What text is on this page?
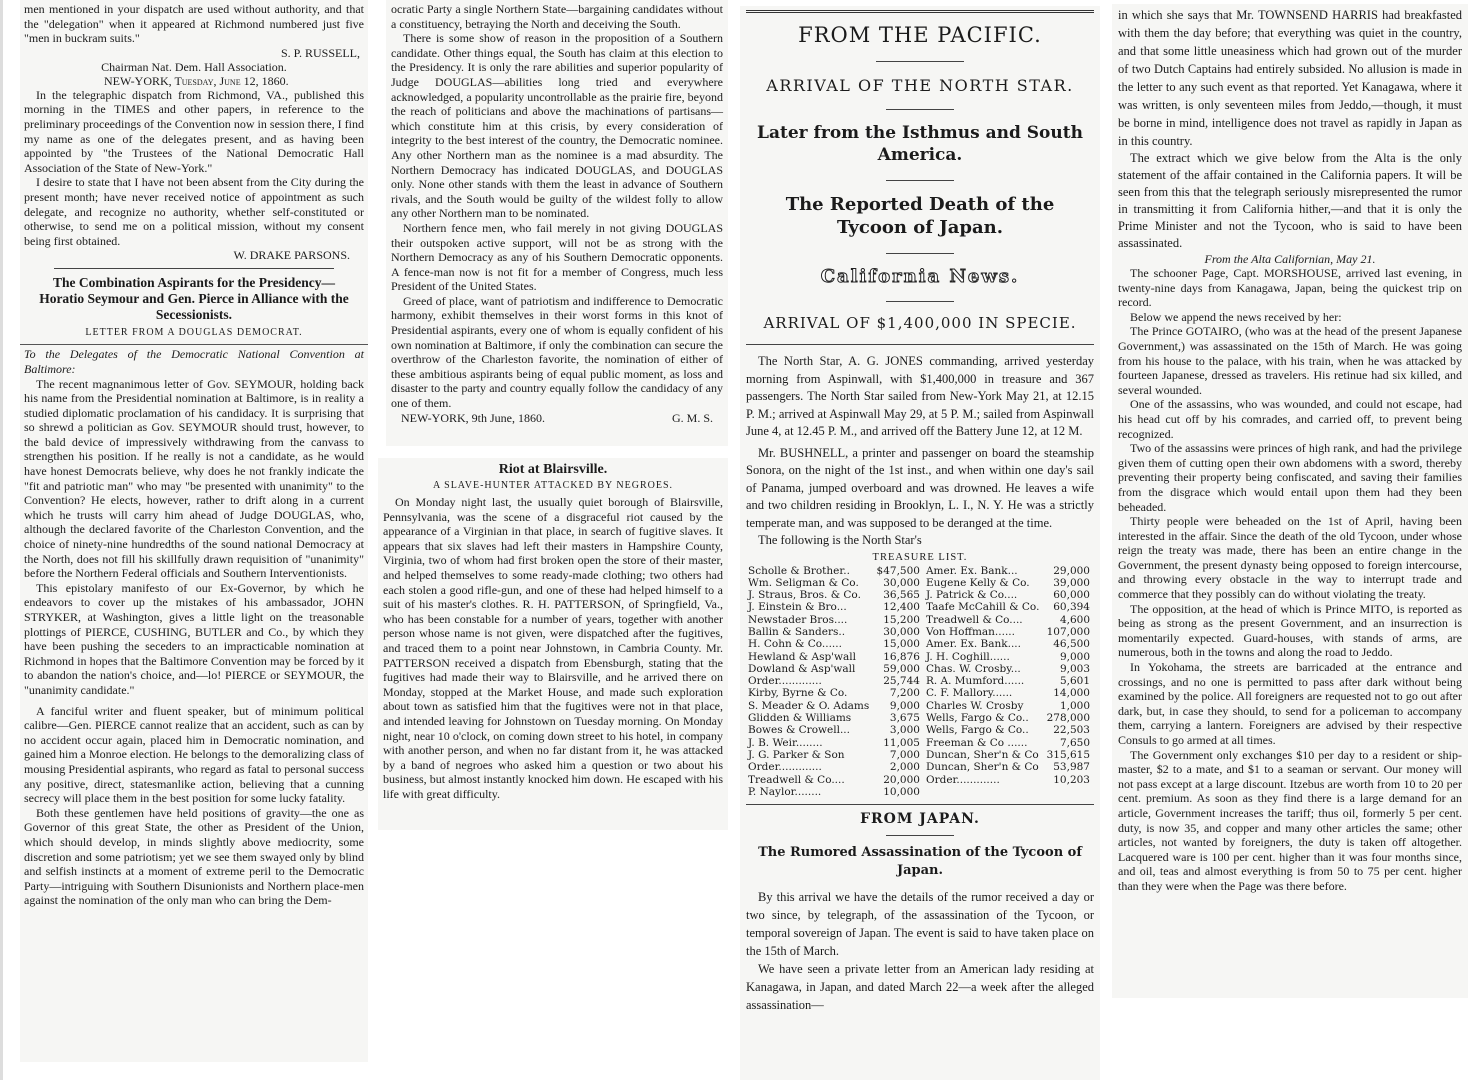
men mentioned in your dispatch are used without authority, and that the "delegation" when it appeared at Richmond numbered just five "men in buckram suits."

S. P. RUSSELL,
Chairman Nat. Dem. Hall Association.
NEW-YORK, Tuesday, June 12, 1860.

In the telegraphic dispatch from Richmond, VA., published this morning in the TIMES and other papers, in reference to the preliminary proceedings of the Convention now in session there, I find my name as one of the delegates present, and as having been appointed by "the Trustees of the National Democratic Hall Association of the State of New-York."

I desire to state that I have not been absent from the City during the present month; have never received notice of appointment as such delegate, and recognize no authority, whether self-constituted or otherwise, to send me on a political mission, without my consent being first obtained.

W. DRAKE PARSONS.
The Combination Aspirants for the Presidency—Horatio Seymour and Gen. Pierce in Alliance with the Secessionists.
LETTER FROM A DOUGLAS DEMOCRAT.

To the Delegates of the Democratic National Convention at Baltimore:

The recent magnanimous letter of Gov. SEYMOUR, holding back his name from the Presidential nomination at Baltimore, is in reality a studied diplomatic proclamation of his candidacy. It is surprising that so shrewd a politician as Gov. SEYMOUR should trust, however, to the bald device of impressively withdrawing from the canvass to strengthen his position. If he really is not a candidate, as he would have honest Democrats believe, why does he not frankly indicate the "fit and patriotic man" who may "be presented with unanimity" to the Convention? He elects, however, rather to drift along in a current which he trusts will carry him ahead of Judge DOUGLAS, who, although the declared favorite of the Charleston Convention, and the choice of ninety-nine hundredths of the sound national Democracy at the North, does not fill his skillfully drawn requisition of "unanimity" before the Northern Federal officials and Southern Interventionists.

This epistolary manifesto of our Ex-Governor, by which he endeavors to cover up the mistakes of his ambassador, JOHN STRYKER, at Washington, gives a little light on the treasonable plottings of PIERCE, CUSHING, BUTLER and Co., by which they have been pushing the seceders to an impracticable nomination at Richmond in hopes that the Baltimore Convention may be forced by it to abandon the nation's choice, and—lo! PIERCE or SEYMOUR, the "unanimity candidate."

A fanciful writer and fluent speaker, but of minimum political calibre—Gen. PIERCE cannot realize that an accident, such as can by no accident occur again, placed him in Democratic nomination, and gained him a Monroe election. He belongs to the demoralizing class of mousing Presidential aspirants, who regard as fatal to personal success any positive, direct, statesmanlike action, believing that a cunning secrecy will place them in the best position for some lucky fatality.

Both these gentlemen have held positions of gravity—the one as Governor of this great State, the other as President of the Union, which should develop, in minds slightly above mediocrity, some discretion and some patriotism; yet we see them swayed only by blind and selfish instincts at a moment of extreme peril to the Democratic Party—intriguing with Southern Disunionists and Northern place-men against the nomination of the only man who can bring the Dem-

ocratic Party a single Northern State—bargaining candidates without a constituency, betraying the North and deceiving the South.

There is some show of reason in the proposition of a Southern candidate. Other things equal, the South has claim at this election to the Presidency. It is only the rare abilities and superior popularity of Judge DOUGLAS—abilities long tried and everywhere acknowledged, a popularity uncontrollable as the prairie fire, beyond the reach of politicians and above the machinations of partisans—which constitute him at this crisis, by every consideration of integrity to the best interest of the country, the Democratic nominee. Any other Northern man as the nominee is a mad absurdity. The Northern Democracy has indicated DOUGLAS, and DOUGLAS only. None other stands with them the least in advance of Southern rivals, and the South would be guilty of the wildest folly to allow any other Northern man to be nominated.

Northern fence men, who fail merely in not giving DOUGLAS their outspoken active support, will not be as strong with the Northern Democracy as any of his Southern Democratic opponents. A fence-man now is not fit for a member of Congress, much less President of the United States.

Greed of place, want of patriotism and indifference to Democratic harmony, exhibit themselves in their worst forms in this knot of Presidential aspirants, every one of whom is equally confident of his own nomination at Baltimore, if only the combination can secure the overthrow of the Charleston favorite, the nomination of either of these ambitious aspirants being of equal public moment, as loss and disaster to the party and country equally follow the candidacy of any one of them.

NEW-YORK, 9th June, 1860.	G. M. S.
Riot at Blairsville.
A SLAVE-HUNTER ATTACKED BY NEGROES.

On Monday night last, the usually quiet borough of Blairsville, Pennsylvania, was the scene of a disgraceful riot caused by the appearance of a Virginian in that place, in search of fugitive slaves. It appears that six slaves had left their masters in Hampshire County, Virginia, two of whom had first broken open the store of their master, and helped themselves to some ready-made clothing; two others had each stolen a good rifle-gun, and one of these had helped himself to a suit of his master's clothes. R. H. PATTERSON, of Springfield, Va., who has been constable for a number of years, together with another person whose name is not given, were dispatched after the fugitives, and traced them to a point near Johnstown, in Cambria County. Mr. PATTERSON received a dispatch from Ebensburgh, stating that the fugitives had made their way to Blairsville, and he arrived there on Monday, stopped at the Market House, and made such exploration about town as satisfied him that the fugitives were not in that place, and intended leaving for Johnstown on Tuesday morning. On Monday night, near 10 o'clock, on coming down street to his hotel, in company with another person, and when no far distant from it, he was attacked by a band of negroes who asked him a question or two about his business, but almost instantly knocked him down. He escaped with his life with great difficulty.

FROM THE PACIFIC.
ARRIVAL OF THE NORTH STAR.
Later from the Isthmus and South America.
The Reported Death of the Tycoon of Japan.
California News.
ARRIVAL OF $1,400,000 IN SPECIE.

The North Star, A. G. JONES commanding, arrived yesterday morning from Aspinwall, with $1,400,000 in treasure and 367 passengers. The North Star sailed from New-York May 21, at 12.15 P. M.; arrived at Aspinwall May 29, at 5 P. M.; sailed from Aspinwall June 4, at 12.45 P. M., and arrived off the Battery June 12, at 12 M.

Mr. BUSHNELL, a printer and passenger on board the steamship Sonora, on the night of the 1st inst., and when within one day's sail of Panama, jumped overboard and was drowned. He leaves a wife and two children residing in Brooklyn, L. I., N. Y. He was a strictly temperate man, and was supposed to be deranged at the time.

The following is the North Star's

TREASURE LIST.
Scholle & Brother..	$47,500	Amer. Ex. Bank...	29,000
Wm. Seligman & Co.	30,000	Eugene Kelly & Co.	39,000
J. Straus, Bros. & Co.	36,565	J. Patrick & Co....	60,000
J. Einstein & Bro...	12,400	Taafe McCahill & Co.	60,394
Newstader Bros....	15,200	Treadwell & Co....	4,600
Ballin & Sanders..	30,000	Von Hoffman......	107,000
H. Cohn & Co......	15,000	Amer. Ex. Bank....	46,500
Hewland & Asp'wall	16,876	J. H. Coghill......	9,000
Dowland & Asp'wall	59,000	Chas. W. Crosby...	9,003
Order.............	25,744	R. A. Mumford......	5,601
Kirby, Byrne & Co.	7,200	C. F. Mallory......	14,000
S. Meader & O. Adams	9,000	Charles W. Crosby	1,000
Glidden & Williams	3,675	Wells, Fargo & Co..	278,000
Bowes & Crowell...	3,000	Wells, Fargo & Co..	22,503
J. B. Weir........	11,005	Freeman & Co ......	7,650
J. G. Parker & Son	7,000	Duncan, Sher'n & Co	315,615
Order.............	2,000	Duncan, Sher'n & Co	53,987
Treadwell & Co....	20,000	Order.............	10,203
P. Naylor........	10,000		
FROM JAPAN.
The Rumored Assassination of the Tycoon of Japan.

By this arrival we have the details of the rumor received a day or two since, by telegraph, of the assassination of the Tycoon, or temporal sovereign of Japan. The event is said to have taken place on the 15th of March.

We have seen a private letter from an American lady residing at Kanagawa, in Japan, and dated March 22—a week after the alleged assassination—

in which she says that Mr. TOWNSEND HARRIS had breakfasted with them the day before; that everything was quiet in the country, and that some little uneasiness which had grown out of the murder of two Dutch Captains had entirely subsided. No allusion is made in the letter to any such event as that reported. Yet Kanagawa, where it was written, is only seventeen miles from Jeddo,—though, it must be borne in mind, intelligence does not travel as rapidly in Japan as in this country.

The extract which we give below from the Alta is the only statement of the affair contained in the California papers. It will be seen from this that the telegraph seriously misrepresented the rumor in transmitting it from California hither,—and that it is only the Prime Minister and not the Tycoon, who is said to have been assassinated.

From the Alta Californian, May 21.

The schooner Page, Capt. MORSHOUSE, arrived last evening, in twenty-nine days from Kanagawa, Japan, being the quickest trip on record.

Below we append the news received by her:

The Prince GOTAIRO, (who was at the head of the present Japanese Government,) was assassinated on the 15th of March. He was going from his house to the palace, with his train, when he was attacked by fourteen Japanese, dressed as travelers. His retinue had six killed, and several wounded.

One of the assassins, who was wounded, and could not escape, had his head cut off by his comrades, and carried off, to prevent being recognized.

Two of the assassins were princes of high rank, and had the privilege given them of cutting open their own abdomens with a sword, thereby preventing their property being confiscated, and saving their families from the disgrace which would entail upon them had they been beheaded.

Thirty people were beheaded on the 1st of April, having been interested in the affair. Since the death of the old Tycoon, under whose reign the treaty was made, there has been an entire change in the Government, the present dynasty being opposed to foreign intercourse, and throwing every obstacle in the way to interrupt trade and commerce that they possibly can do without violating the treaty.

The opposition, at the head of which is Prince MITO, is reported as being as strong as the present Government, and an insurrection is momentarily expected. Guard-houses, with stands of arms, are numerous, both in the towns and along the road to Jeddo.

In Yokohama, the streets are barricaded at the entrance and crossings, and no one is permitted to pass after dark without being examined by the police. All foreigners are requested not to go out after dark, but, in case they should, to send for a policeman to accompany them, carrying a lantern. Foreigners are advised by their respective Consuls to go armed at all times.

The Government only exchanges $10 per day to a resident or ship-master, $2 to a mate, and $1 to a seaman or servant. Our money will not pass except at a large discount. Itzebus are worth from 10 to 20 per cent. premium. As soon as they find there is a large demand for an article, Government increases the tariff; thus oil, formerly 5 per cent. duty, is now 35, and copper and many other articles the same; other articles, not wanted by foreigners, the duty is taken off altogether. Lacquered ware is 100 per cent. higher than it was four months since, and oil, teas and almost everything is from 50 to 75 per cent. higher than they were when the Page was there before.
